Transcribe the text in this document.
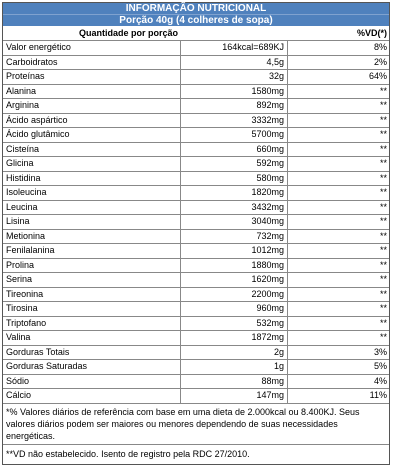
INFORMAÇÃO NUTRICIONAL
Porção 40g (4 colheres de sopa)
Quantidade por porção	%VD(*)
Valor energético	164kcal=689KJ	8%
Carboidratos	4,5g	2%
Proteínas	32g	64%
Alanina	1580mg	**
Arginina	892mg	**
Ácido aspártico	3332mg	**
Ácido glutâmico	5700mg	**
Cisteína	660mg	**
Glicina	592mg	**
Histidina	580mg	**
Isoleucina	1820mg	**
Leucina	3432mg	**
Lisina	3040mg	**
Metionina	732mg	**
Fenilalanina	1012mg	**
Prolina	1880mg	**
Serina	1620mg	**
Tireonina	2200mg	**
Tirosina	960mg	**
Triptofano	532mg	**
Valina	1872mg	**
Gorduras Totais	2g	3%
Gorduras Saturadas	1g	5%
Sódio	88mg	4%
Cálcio	147mg	11%
*% Valores diários de referência com base em uma dieta de 2.000kcal ou 8.400KJ. Seus valores diários podem ser maiores ou menores dependendo de suas necessidades energéticas.
**VD não estabelecido. Isento de registro pela RDC 27/2010.
